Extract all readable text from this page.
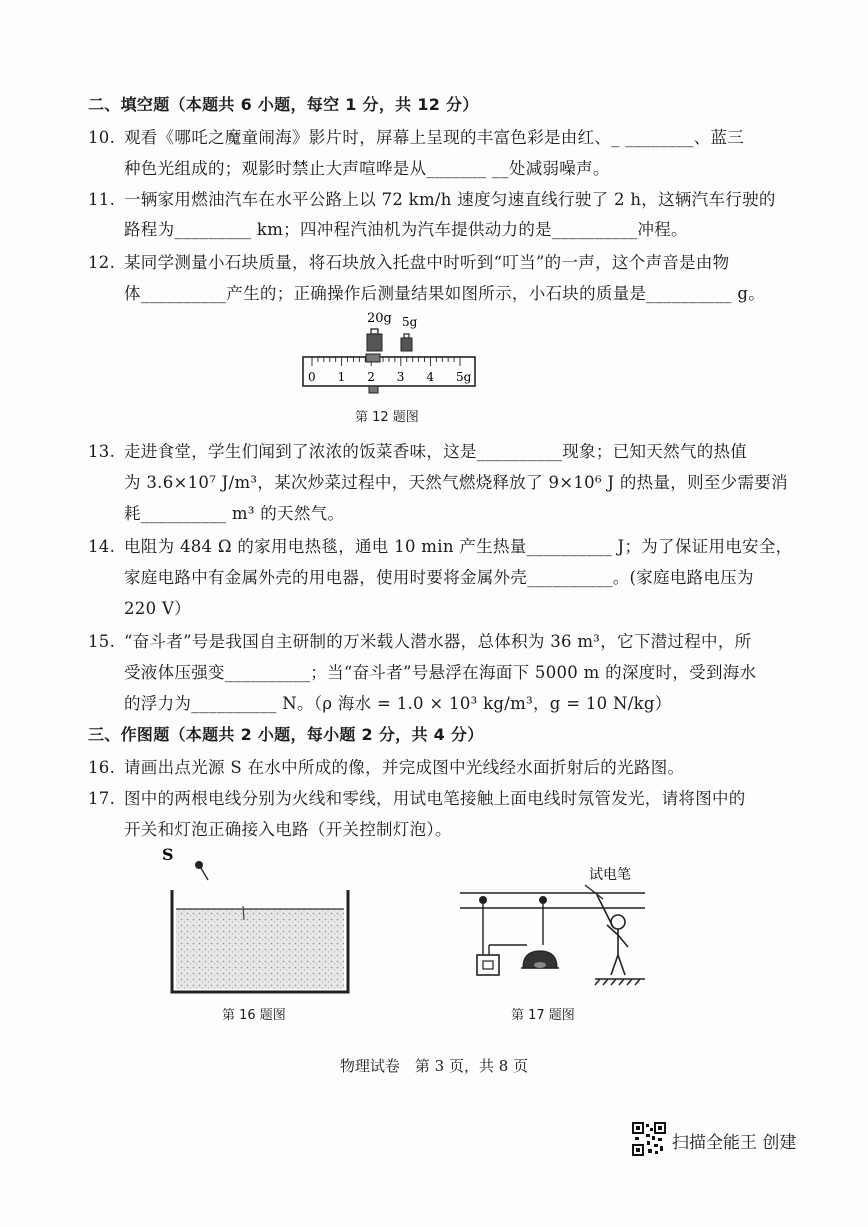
二、填空题（本题共 6 小题，每空 1 分，共 12 分）
10. 观看《哪吒之魔童闹海》影片时，屏幕上呈现的丰富色彩是由红、_ ________、蓝三
种色光组成的；观影时禁止大声喧哗是从_______ __处减弱噪声。
11. 一辆家用燃油汽车在水平公路上以 72 km/h 速度匀速直线行驶了 2 h，这辆汽车行驶的
路程为_________ km；四冲程汽油机为汽车提供动力的是__________冲程。
12. 某同学测量小石块质量，将石块放入托盘中时听到“叮当”的一声，这个声音是由物
体__________产生的；正确操作后测量结果如图所示，小石块的质量是__________ g。
20g 5g
0 1 2 3 4 5g
第 12 题图
13. 走进食堂，学生们闻到了浓浓的饭菜香味，这是__________现象；已知天然气的热值
为 3.6×10⁷ J/m³，某次炒菜过程中，天然气燃烧释放了 9×10⁶ J 的热量，则至少需要消
耗__________ m³ 的天然气。
14. 电阻为 484 Ω 的家用电热毯，通电 10 min 产生热量__________ J；为了保证用电安全，
家庭电路中有金属外壳的用电器，使用时要将金属外壳__________。(家庭电路电压为
220 V）
15. “奋斗者”号是我国自主研制的万米载人潜水器，总体积为 36 m³，它下潜过程中，所
受液体压强变__________；当“奋斗者”号悬浮在海面下 5000 m 的深度时，受到海水
的浮力为__________ N。（ρ 海水 = 1.0 × 10³ kg/m³，g = 10 N/kg）
三、作图题（本题共 2 小题，每小题 2 分，共 4 分）
16. 请画出点光源 S 在水中所成的像，并完成图中光线经水面折射后的光路图。
17. 图中的两根电线分别为火线和零线，用试电笔接触上面电线时氖管发光，请将图中的
开关和灯泡正确接入电路（开关控制灯泡）。
S
第 16 题图
试电笔
第 17 题图
物理试卷　第 3 页，共 8 页
扫描全能王 创建
